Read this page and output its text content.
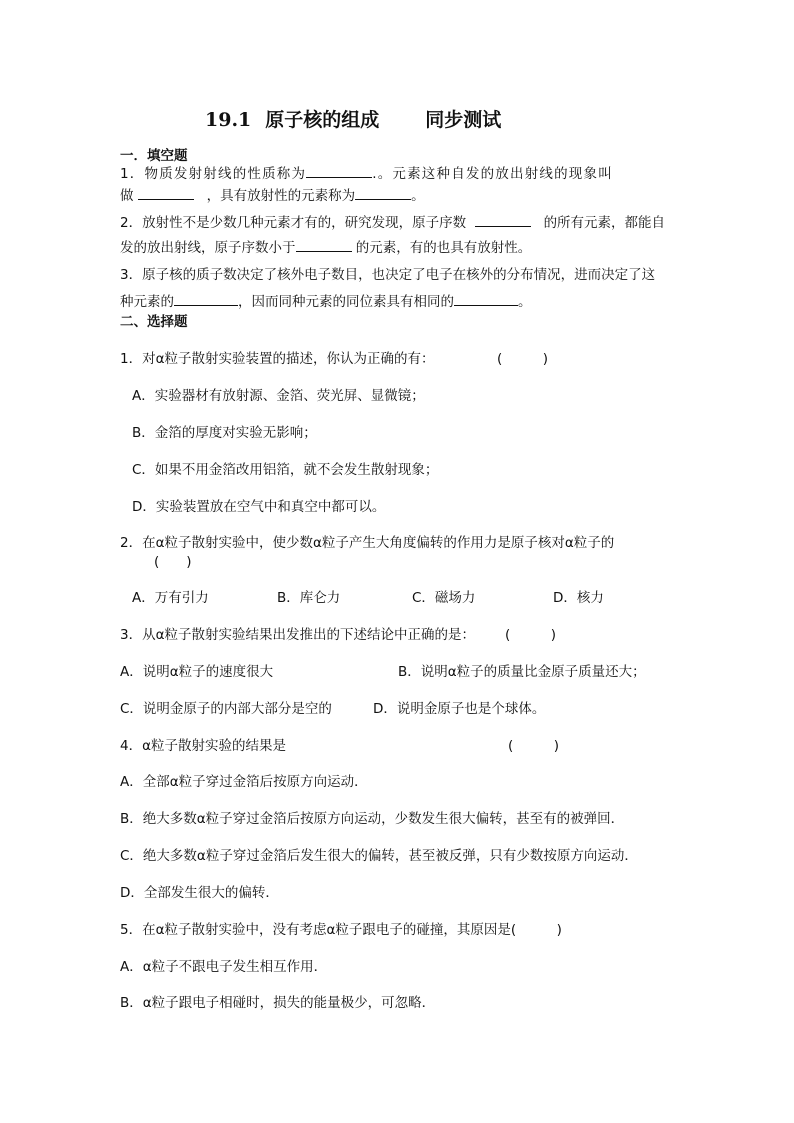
19.1 原子核的组成 同步测试
一．填空题
1．物质发射射线的性质称为	.。元素这种自发的放出射线的现象叫
做	，具有放射性的元素称为	。
2．放射性不是少数几种元素才有的，研究发现，原子序数	的所有元素，都能自
发的放出射线，原子序数小于	的元素，有的也具有放射性。
3．原子核的质子数决定了核外电子数目，也决定了电子在核外的分布情况，进而决定了这
种元素的	，因而同种元素的同位素具有相同的	。
二、选择题
1．对α粒子散射实验装置的描述，你认为正确的有：	(　　　)
A．实验器材有放射源、金箔、荧光屏、显微镜；
B．金箔的厚度对实验无影响；
C．如果不用金箔改用铝箔，就不会发生散射现象；
D．实验装置放在空气中和真空中都可以。
2．在α粒子散射实验中，使少数α粒子产生大角度偏转的作用力是原子核对α粒子的
(　　)
A．万有引力	B．库仑力	C．磁场力	D．核力
3．从α粒子散射实验结果出发推出的下述结论中正确的是： (　　　)
A．说明α粒子的速度很大	B．说明α粒子的质量比金原子质量还大；
C．说明金原子的内部大部分是空的	D．说明金原子也是个球体。
4．α粒子散射实验的结果是	(　　　)
A．全部α粒子穿过金箔后按原方向运动．
B．绝大多数α粒子穿过金箔后按原方向运动，少数发生很大偏转，甚至有的被弹回．
C．绝大多数α粒子穿过金箔后发生很大的偏转，甚至被反弹，只有少数按原方向运动．
D．全部发生很大的偏转．
5．在α粒子散射实验中，没有考虑α粒子跟电子的碰撞，其原因是(　　　)
A．α粒子不跟电子发生相互作用．
B．α粒子跟电子相碰时，损失的能量极少，可忽略．
